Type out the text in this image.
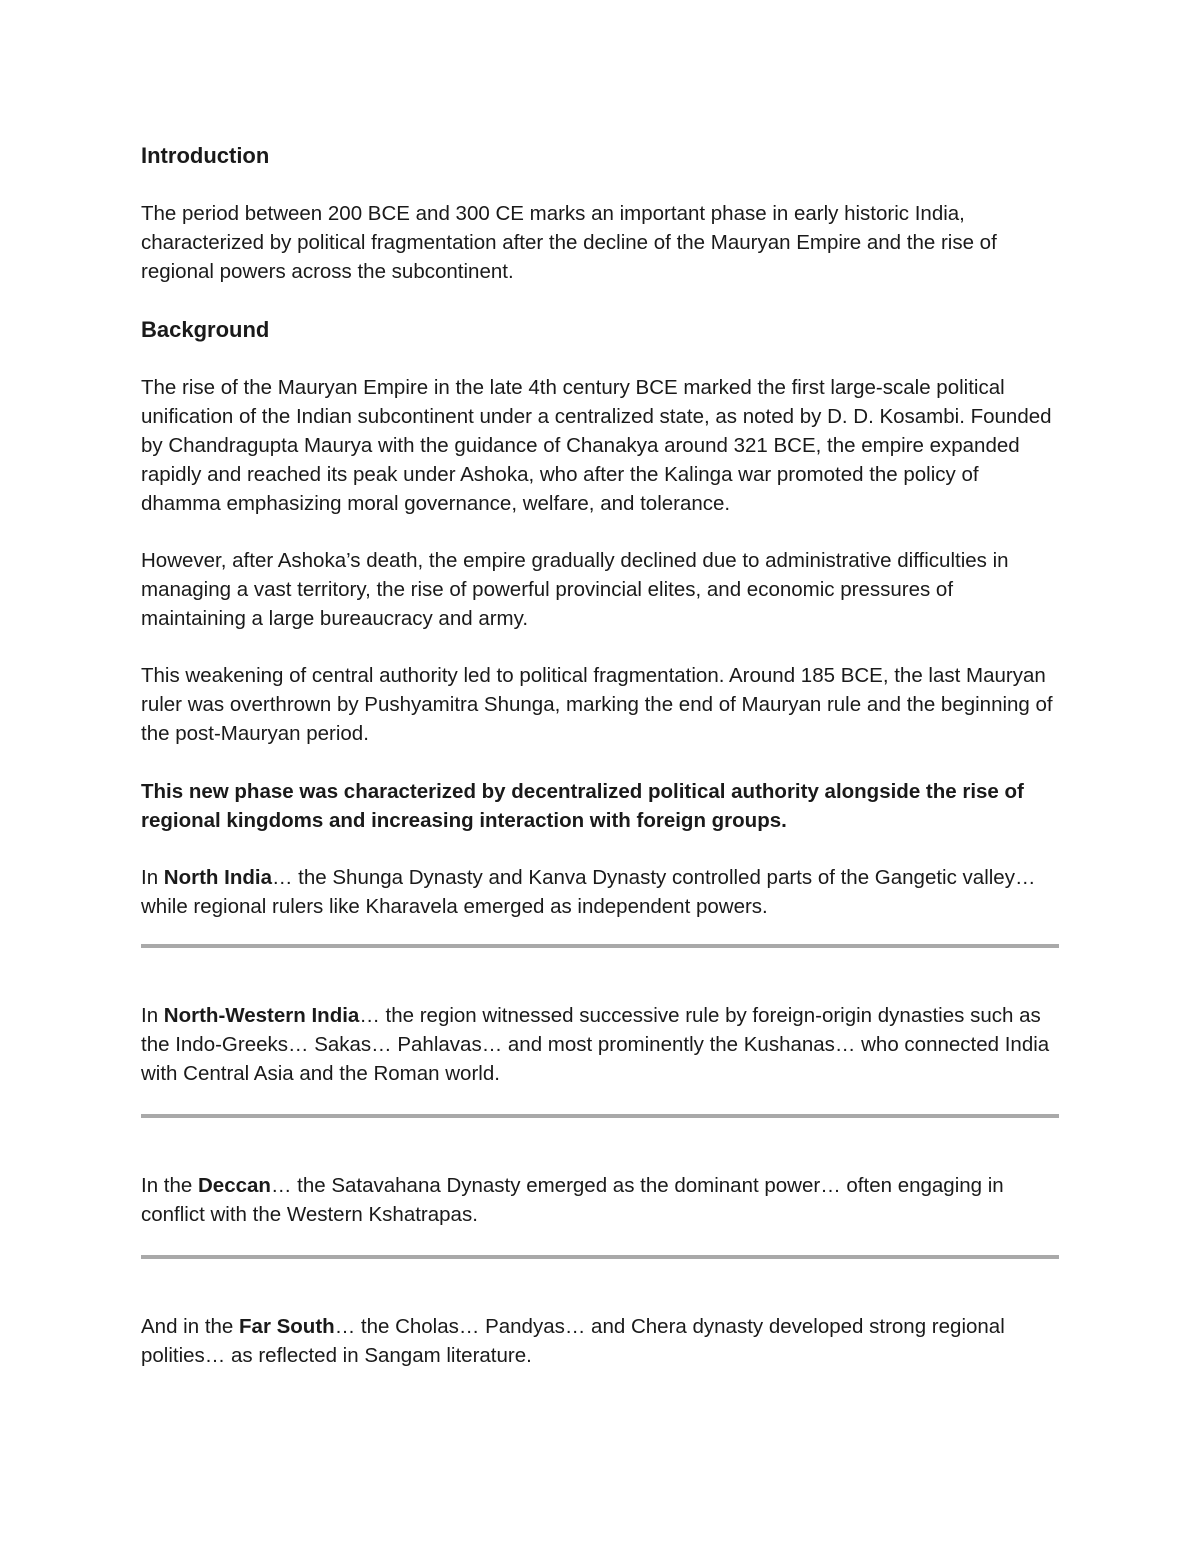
Introduction

The period between 200 BCE and 300 CE marks an important phase in early historic India, characterized by political fragmentation after the decline of the Mauryan Empire and the rise of regional powers across the subcontinent.

Background

The rise of the Mauryan Empire in the late 4th century BCE marked the first large-scale political unification of the Indian subcontinent under a centralized state, as noted by D. D. Kosambi. Founded by Chandragupta Maurya with the guidance of Chanakya around 321 BCE, the empire expanded rapidly and reached its peak under Ashoka, who after the Kalinga war promoted the policy of dhamma emphasizing moral governance, welfare, and tolerance.

However, after Ashoka’s death, the empire gradually declined due to administrative difficulties in managing a vast territory, the rise of powerful provincial elites, and economic pressures of maintaining a large bureaucracy and army.

This weakening of central authority led to political fragmentation. Around 185 BCE, the last Mauryan ruler was overthrown by Pushyamitra Shunga, marking the end of Mauryan rule and the beginning of the post-Mauryan period.

This new phase was characterized by decentralized political authority alongside the rise of regional kingdoms and increasing interaction with foreign groups.

In North India… the Shunga Dynasty and Kanva Dynasty controlled parts of the Gangetic valley… while regional rulers like Kharavela emerged as independent powers.

In North-Western India… the region witnessed successive rule by foreign-origin dynasties such as the Indo-Greeks… Sakas… Pahlavas… and most prominently the Kushanas… who connected India with Central Asia and the Roman world.

In the Deccan… the Satavahana Dynasty emerged as the dominant power… often engaging in conflict with the Western Kshatrapas.

And in the Far South… the Cholas… Pandyas… and Chera dynasty developed strong regional polities… as reflected in Sangam literature.
